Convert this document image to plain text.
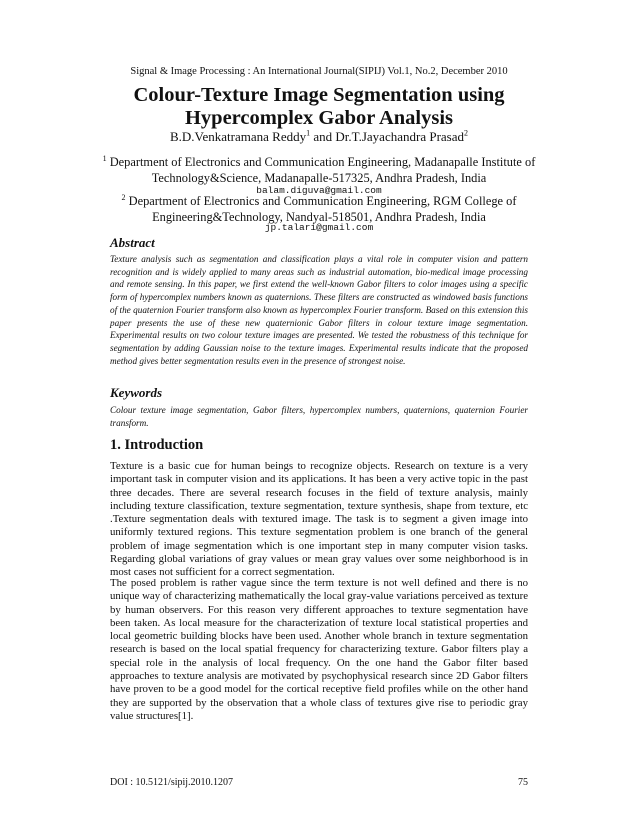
Signal & Image Processing : An International Journal(SIPIJ) Vol.1, No.2, December 2010
Colour-Texture Image Segmentation using
Hypercomplex Gabor Analysis
B.D.Venkatramana Reddy$^1$ and Dr.T.Jayachandra Prasad$^2$
$^1$ Department of Electronics and Communication Engineering, Madanapalle Institute of Technology&Science, Madanapalle-517325, Andhra Pradesh, India
balam.diguva@gmail.com
$^2$ Department of Electronics and Communication Engineering, RGM College of Engineering&Technology, Nandyal-518501, Andhra Pradesh, India
jp.talari@gmail.com
Abstract
Texture analysis such as segmentation and classification plays a vital role in computer vision and pattern recognition and is widely applied to many areas such as industrial automation, bio-medical image processing and remote sensing. In this paper, we first extend the well-known Gabor filters to color images using a specific form of hypercomplex numbers known as quaternions. These filters are constructed as windowed basis functions of the quaternion Fourier transform also known as hypercomplex Fourier transform. Based on this extension this paper presents the use of these new quaternionic Gabor filters in colour texture image segmentation. Experimental results on two colour texture images are presented. We tested the robustness of this technique for segmentation by adding Gaussian noise to the texture images. Experimental results indicate that the proposed method gives better segmentation results even in the presence of strongest noise.
Keywords
Colour texture image segmentation, Gabor filters, hypercomplex numbers, quaternions, quaternion Fourier transform.
1. Introduction
Texture is a basic cue for human beings to recognize objects. Research on texture is a very important task in computer vision and its applications. It has been a very active topic in the past three decades. There are several research focuses in the field of texture analysis, mainly including texture classification, texture segmentation, texture synthesis, shape from texture, etc .Texture segmentation deals with textured image. The task is to segment a given image into uniformly textured regions. This texture segmentation problem is one branch of the general problem of image segmentation which is one important step in many computer vision tasks. Regarding global variations of gray values or mean gray values over some neighborhood is in most cases not sufficient for a correct segmentation.
The posed problem is rather vague since the term texture is not well defined and there is no unique way of characterizing mathematically the local gray-value variations perceived as texture by human observers. For this reason very different approaches to texture segmentation have been taken. As local measure for the characterization of texture local statistical properties and local geometric building blocks have been used. Another whole branch in texture segmentation research is based on the local spatial frequency for characterizing texture. Gabor filters play a special role in the analysis of local frequency. On the one hand the Gabor filter based approaches to texture analysis are motivated by psychophysical research since 2D Gabor filters have proven to be a good model for the cortical receptive field profiles while on the other hand they are supported by the observation that a whole class of textures give rise to periodic gray value structures[1].
DOI : 10.5121/sipij.2010.1207	75
